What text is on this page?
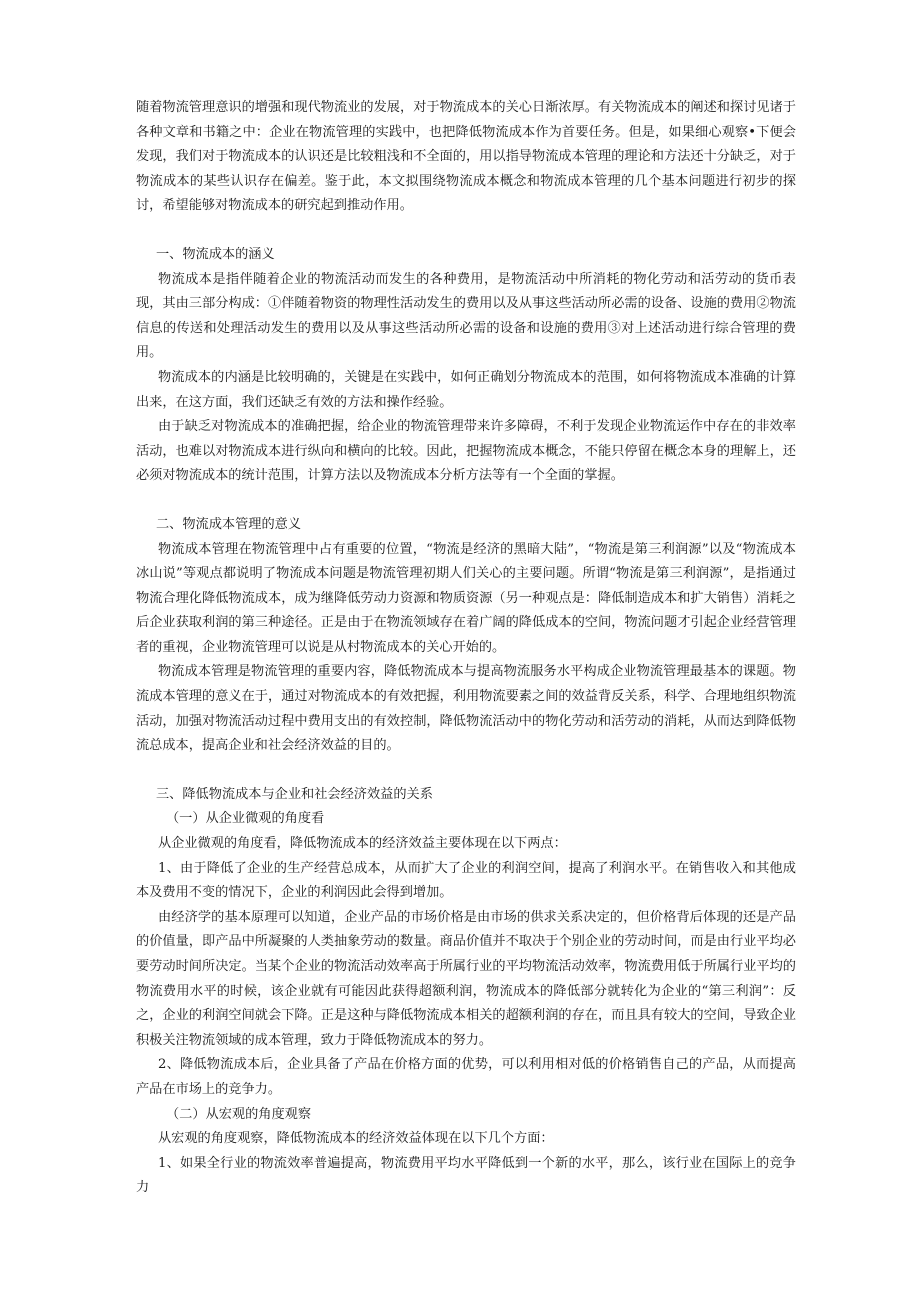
随着物流管理意识的增强和现代物流业的发展，对于物流成本的关心日渐浓厚。有关物流成本的阐述和探讨见诸于各种文章和书籍之中：企业在物流管理的实践中，也把降低物流成本作为首要任务。但是，如果细心观察•下便会发现，我们对于物流成本的认识还是比较粗浅和不全面的，用以指导物流成本管理的理论和方法还十分缺乏，对于物流成本的某些认识存在偏差。鉴于此，本文拟围绕物流成本概念和物流成本管理的几个基本问题进行初步的探讨，希望能够对物流成本的研究起到推动作用。

一、物流成本的涵义

物流成本是指伴随着企业的物流活动而发生的各种费用，是物流活动中所消耗的物化劳动和活劳动的货币表现，其由三部分构成：①伴随着物资的物理性活动发生的费用以及从事这些活动所必需的设备、设施的费用②物流信息的传送和处理活动发生的费用以及从事这些活动所必需的设备和设施的费用③对上述活动进行综合管理的费用。

物流成本的内涵是比较明确的，关键是在实践中，如何正确划分物流成本的范围，如何将物流成本准确的计算出来，在这方面，我们还缺乏有效的方法和操作经验。

由于缺乏对物流成本的准确把握，给企业的物流管理带来许多障碍，不利于发现企业物流运作中存在的非效率活动，也难以对物流成本进行纵向和横向的比较。因此，把握物流成本概念，不能只停留在概念本身的理解上，还必须对物流成本的统计范围，计算方法以及物流成本分析方法等有一个全面的掌握。

二、物流成本管理的意义

物流成本管理在物流管理中占有重要的位置，“物流是经济的黑暗大陆”，“物流是第三利润源”以及“物流成本冰山说”等观点都说明了物流成本问题是物流管理初期人们关心的主要问题。所谓“物流是第三利润源”，是指通过物流合理化降低物流成本，成为继降低劳动力资源和物质资源（另一种观点是：降低制造成本和扩大销售）消耗之后企业获取利润的第三种途径。正是由于在物流领域存在着广阔的降低成本的空间，物流问题才引起企业经营管理者的重视，企业物流管理可以说是从村物流成本的关心开始的。

物流成本管理是物流管理的重要内容，降低物流成本与提高物流服务水平构成企业物流管理最基本的课题。物流成本管理的意义在于，通过对物流成本的有效把握，利用物流要素之间的效益背反关系，科学、合理地组织物流活动，加强对物流活动过程中费用支出的有效控制，降低物流活动中的物化劳动和活劳动的消耗，从而达到降低物流总成本，提高企业和社会经济效益的目的。

三、降低物流成本与企业和社会经济效益的关系

（一）从企业微观的角度看

从企业微观的角度看，降低物流成本的经济效益主要体现在以下两点：

1、由于降低了企业的生产经营总成本，从而扩大了企业的利润空间，提高了利润水平。在销售收入和其他成本及费用不变的情况下，企业的利润因此会得到增加。

由经济学的基本原理可以知道，企业产品的市场价格是由市场的供求关系决定的，但价格背后体现的还是产品的价值量，即产品中所凝聚的人类抽象劳动的数量。商品价值并不取决于个别企业的劳动时间，而是由行业平均必要劳动时间所决定。当某个企业的物流活动效率高于所属行业的平均物流活动效率，物流费用低于所属行业平均的物流费用水平的时候，该企业就有可能因此获得超额利润，物流成本的降低部分就转化为企业的“第三利润”：反之，企业的利润空间就会下降。正是这种与降低物流成本相关的超额利润的存在，而且具有较大的空间，导致企业积极关注物流领域的成本管理，致力于降低物流成本的努力。

2、降低物流成本后，企业具备了产品在价格方面的优势，可以利用相对低的价格销售自己的产品，从而提高产品在市场上的竞争力。

（二）从宏观的角度观察

从宏观的角度观察，降低物流成本的经济效益体现在以下几个方面：

1、如果全行业的物流效率普遍提高，物流费用平均水平降低到一个新的水平，那么，该行业在国际上的竞争力
